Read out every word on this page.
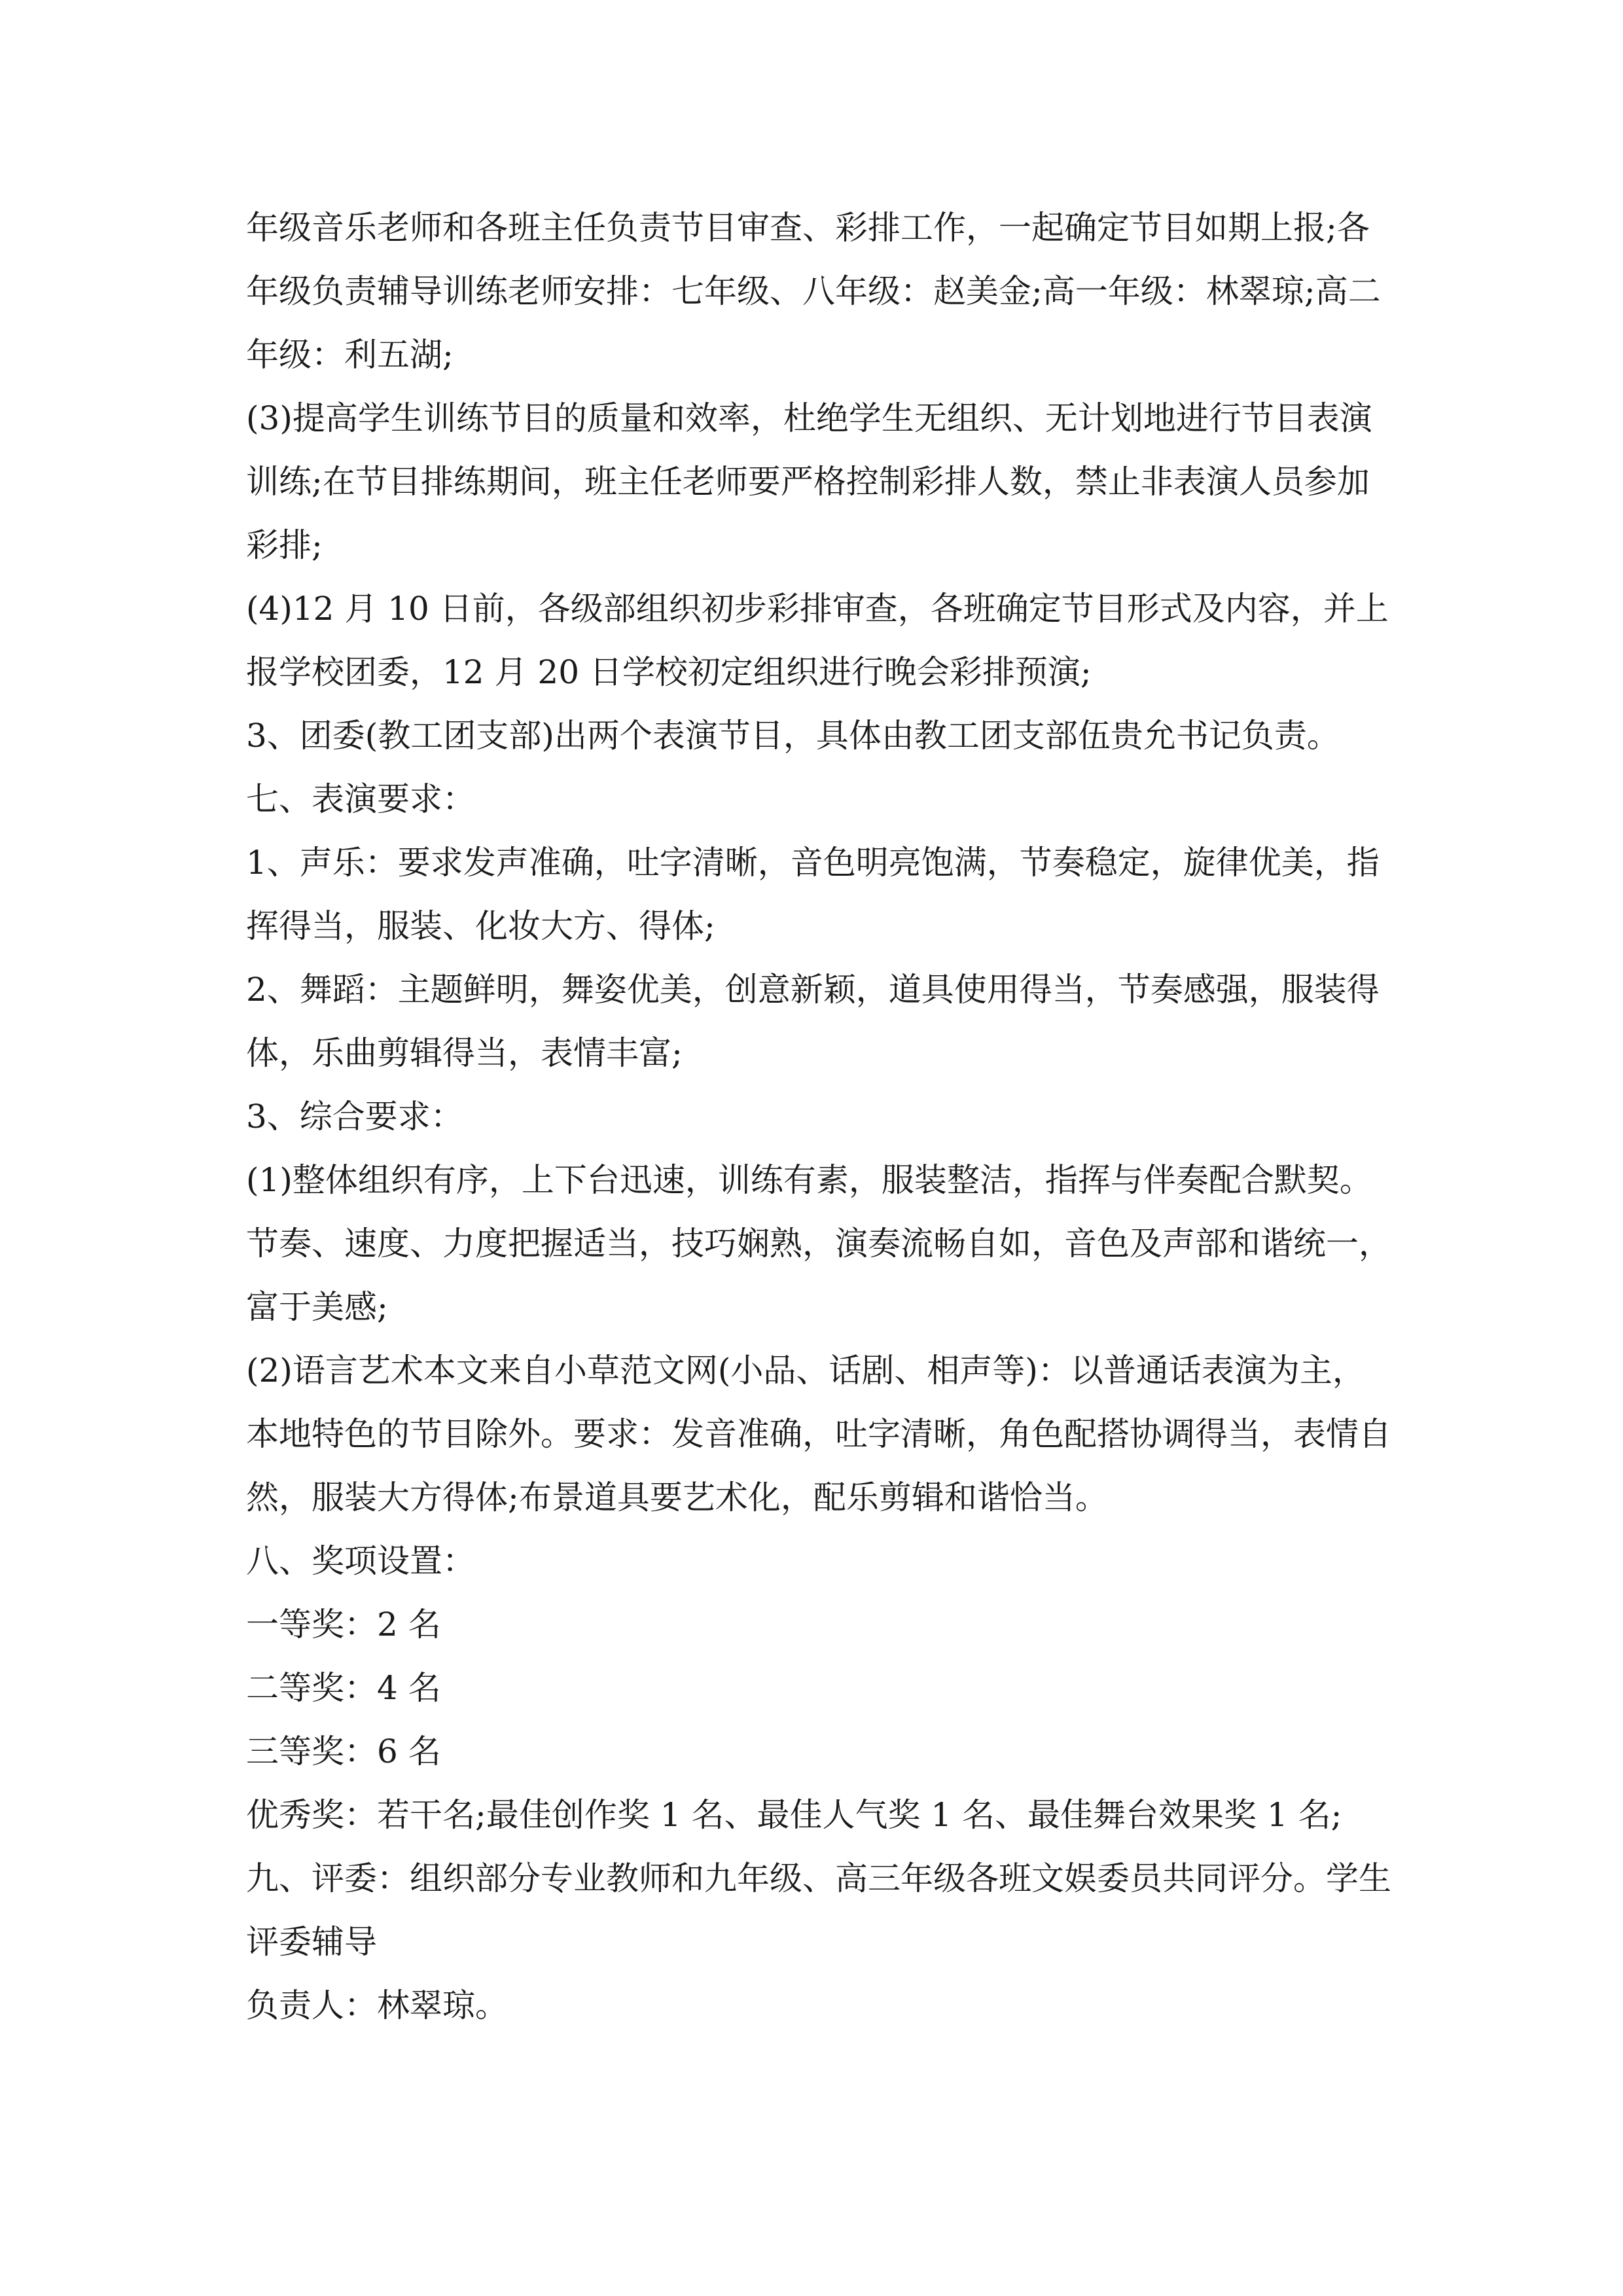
年级音乐老师和各班主任负责节目审查、彩排工作，一起确定节目如期上报;各
年级负责辅导训练老师安排：七年级、八年级：赵美金;高一年级：林翠琼;高二
年级：利五湖;
(3)提高学生训练节目的质量和效率，杜绝学生无组织、无计划地进行节目表演
训练;在节目排练期间，班主任老师要严格控制彩排人数，禁止非表演人员参加
彩排;
(4)12 月 10 日前，各级部组织初步彩排审查，各班确定节目形式及内容，并上
报学校团委，12 月 20 日学校初定组织进行晚会彩排预演;
3、团委(教工团支部)出两个表演节目，具体由教工团支部伍贵允书记负责。
七、表演要求：
1、声乐：要求发声准确，吐字清晰，音色明亮饱满，节奏稳定，旋律优美，指
挥得当，服装、化妆大方、得体;
2、舞蹈：主题鲜明，舞姿优美，创意新颖，道具使用得当，节奏感强，服装得
体，乐曲剪辑得当，表情丰富;
3、综合要求：
(1)整体组织有序，上下台迅速，训练有素，服装整洁，指挥与伴奏配合默契。
节奏、速度、力度把握适当，技巧娴熟，演奏流畅自如，音色及声部和谐统一，
富于美感;
(2)语言艺术本文来自小草范文网(小品、话剧、相声等)：以普通话表演为主，
本地特色的节目除外。要求：发音准确，吐字清晰，角色配搭协调得当，表情自
然，服装大方得体;布景道具要艺术化，配乐剪辑和谐恰当。
八、奖项设置：
一等奖：2 名
二等奖：4 名
三等奖：6 名
优秀奖：若干名;最佳创作奖 1 名、最佳人气奖 1 名、最佳舞台效果奖 1 名;
九、评委：组织部分专业教师和九年级、高三年级各班文娱委员共同评分。学生
评委辅导
负责人：林翠琼。
